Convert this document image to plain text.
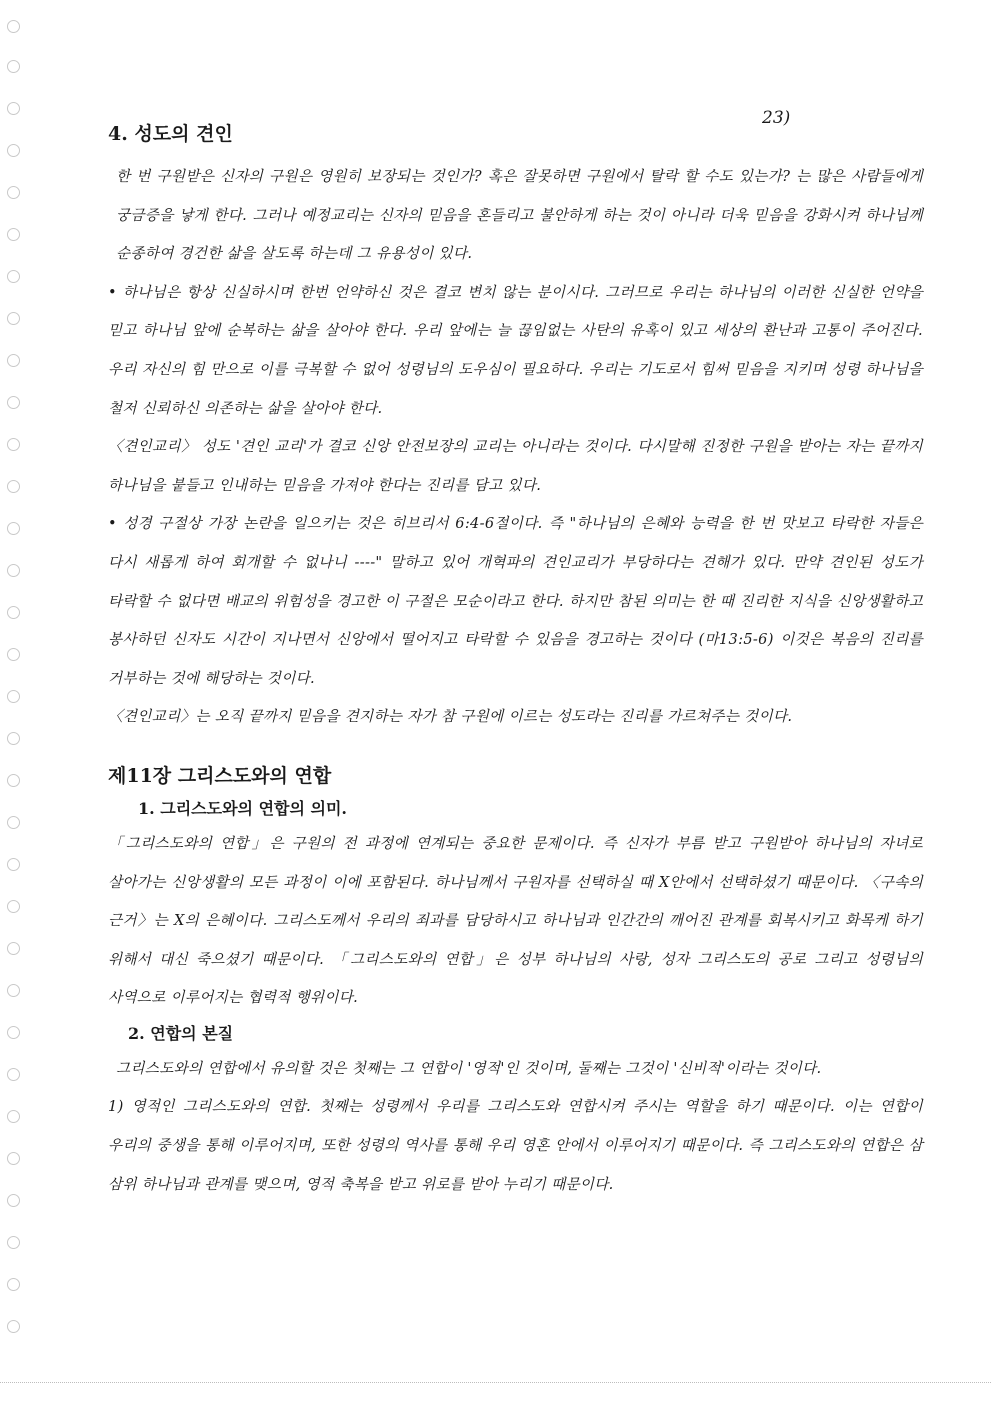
23)
4. 성도의 견인

한 번 구원받은 신자의 구원은 영원히 보장되는 것인가? 혹은 잘못하면 구원에서 탈락 할 수도 있는가? 는 많은 사람들에게 궁금증을 낳게 한다. 그러나 예정교리는 신자의 믿음을 혼들리고 불안하게 하는 것이 아니라 더욱 믿음을 강화시켜 하나님께 순종하여 경건한 삶을 살도록 하는데 그 유용성이 있다.

• 하나님은 항상 신실하시며 한번 언약하신 것은 결코 변치 않는 분이시다. 그러므로 우리는 하나님의 이러한 신실한 언약을 믿고 하나님 앞에 순복하는 삶을 살아야 한다. 우리 앞에는 늘 끊임없는 사탄의 유혹이 있고 세상의 환난과 고통이 주어진다. 우리 자신의 힘 만으로 이를 극복할 수 없어 성령님의 도우심이 필요하다. 우리는 기도로서 힘써 믿음을 지키며 성령 하나님을 철저 신뢰하신 의존하는 삶을 살아야 한다.

〈견인교리〉 성도 '견인 교리'가 결코 신앙 안전보장의 교리는 아니라는 것이다. 다시말해 진정한 구원을 받아는 자는 끝까지 하나님을 붙들고 인내하는 믿음을 가져야 한다는 진리를 담고 있다.

• 성경 구절상 가장 논란을 일으키는 것은 히브리서 6:4-6절이다. 즉 "하나님의 은혜와 능력을 한 번 맛보고 타락한 자들은 다시 새롭게 하여 회개할 수 없나니 ----" 말하고 있어 개혁파의 견인교리가 부당하다는 견해가 있다. 만약 견인된 성도가 타락할 수 없다면 배교의 위험성을 경고한 이 구절은 모순이라고 한다. 하지만 참된 의미는 한 때 진리한 지식을 신앙생활하고 봉사하던 신자도 시간이 지나면서 신앙에서 떨어지고 타락할 수 있음을 경고하는 것이다 (마13:5-6) 이것은 복음의 진리를 거부하는 것에 해당하는 것이다.

〈견인교리〉는 오직 끝까지 믿음을 견지하는 자가 참 구원에 이르는 성도라는 진리를 가르쳐주는 것이다.

제11장 그리스도와의 연합
1. 그리스도와의 연합의 의미.

「그리스도와의 연합」은 구원의 전 과정에 연계되는 중요한 문제이다. 즉 신자가 부름 받고 구원받아 하나님의 자녀로 살아가는 신앙생활의 모든 과정이 이에 포함된다. 하나님께서 구원자를 선택하실 때 X안에서 선택하셨기 때문이다. 〈구속의 근거〉는 X의 은혜이다. 그리스도께서 우리의 죄과를 담당하시고 하나님과 인간간의 깨어진 관계를 회복시키고 화목케 하기 위해서 대신 죽으셨기 때문이다. 「그리스도와의 연합」은 성부 하나님의 사랑, 성자 그리스도의 공로 그리고 성령님의 사역으로 이루어지는 협력적 행위이다.

2. 연합의 본질

그리스도와의 연합에서 유의할 것은 첫째는 그 연합이 '영적'인 것이며, 둘째는 그것이 '신비적'이라는 것이다.

1) 영적인 그리스도와의 연합. 첫째는 성령께서 우리를 그리스도와 연합시켜 주시는 역할을 하기 때문이다. 이는 연합이 우리의 중생을 통해 이루어지며, 또한 성령의 역사를 통해 우리 영혼 안에서 이루어지기 때문이다. 즉 그리스도와의 연합은 삼 삼위 하나님과 관계를 맺으며, 영적 축복을 받고 위로를 받아 누리기 때문이다.
